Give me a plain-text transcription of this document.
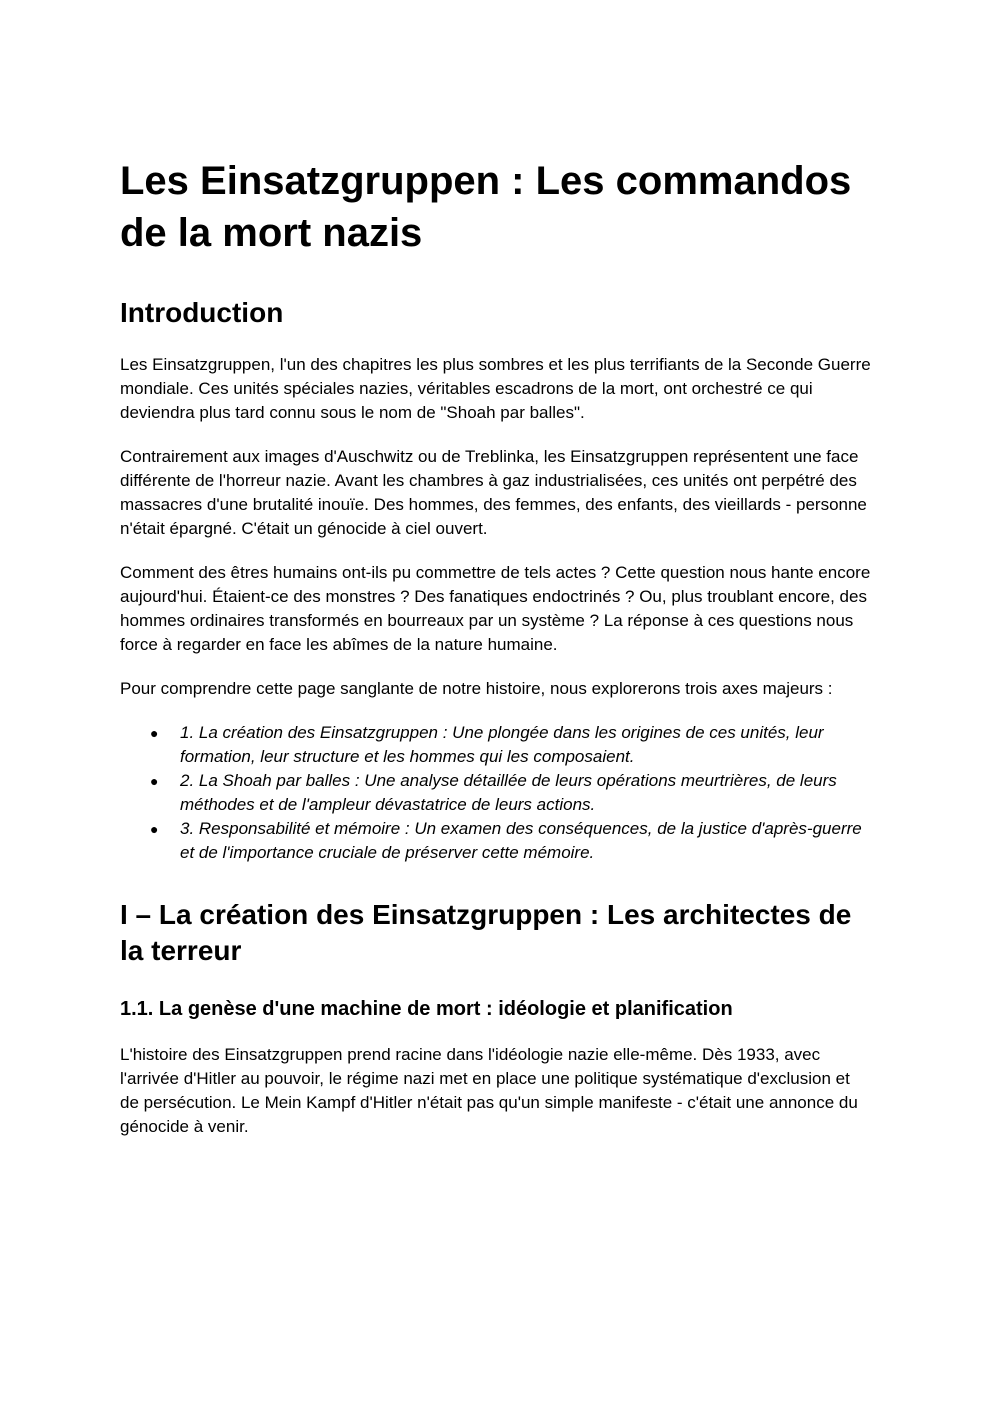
Les Einsatzgruppen : Les commandos de la mort nazis
Introduction

Les Einsatzgruppen, l'un des chapitres les plus sombres et les plus terrifiants de la Seconde Guerre mondiale. Ces unités spéciales nazies, véritables escadrons de la mort, ont orchestré ce qui deviendra plus tard connu sous le nom de "Shoah par balles".

Contrairement aux images d'Auschwitz ou de Treblinka, les Einsatzgruppen représentent une face différente de l'horreur nazie. Avant les chambres à gaz industrialisées, ces unités ont perpétré des massacres d'une brutalité inouïe. Des hommes, des femmes, des enfants, des vieillards - personne n'était épargné. C'était un génocide à ciel ouvert.

Comment des êtres humains ont-ils pu commettre de tels actes ? Cette question nous hante encore aujourd'hui. Étaient-ce des monstres ? Des fanatiques endoctrinés ? Ou, plus troublant encore, des hommes ordinaires transformés en bourreaux par un système ? La réponse à ces questions nous force à regarder en face les abîmes de la nature humaine.

Pour comprendre cette page sanglante de notre histoire, nous explorerons trois axes majeurs :

● 1. La création des Einsatzgruppen : Une plongée dans les origines de ces unités, leur formation, leur structure et les hommes qui les composaient.
● 2. La Shoah par balles : Une analyse détaillée de leurs opérations meurtrières, de leurs méthodes et de l'ampleur dévastatrice de leurs actions.
● 3. Responsabilité et mémoire : Un examen des conséquences, de la justice d'après-guerre et de l'importance cruciale de préserver cette mémoire.
I – La création des Einsatzgruppen : Les architectes de la terreur
1.1. La genèse d'une machine de mort : idéologie et planification

L'histoire des Einsatzgruppen prend racine dans l'idéologie nazie elle-même. Dès 1933, avec l'arrivée d'Hitler au pouvoir, le régime nazi met en place une politique systématique d'exclusion et de persécution. Le Mein Kampf d'Hitler n'était pas qu'un simple manifeste - c'était une annonce du génocide à venir.
